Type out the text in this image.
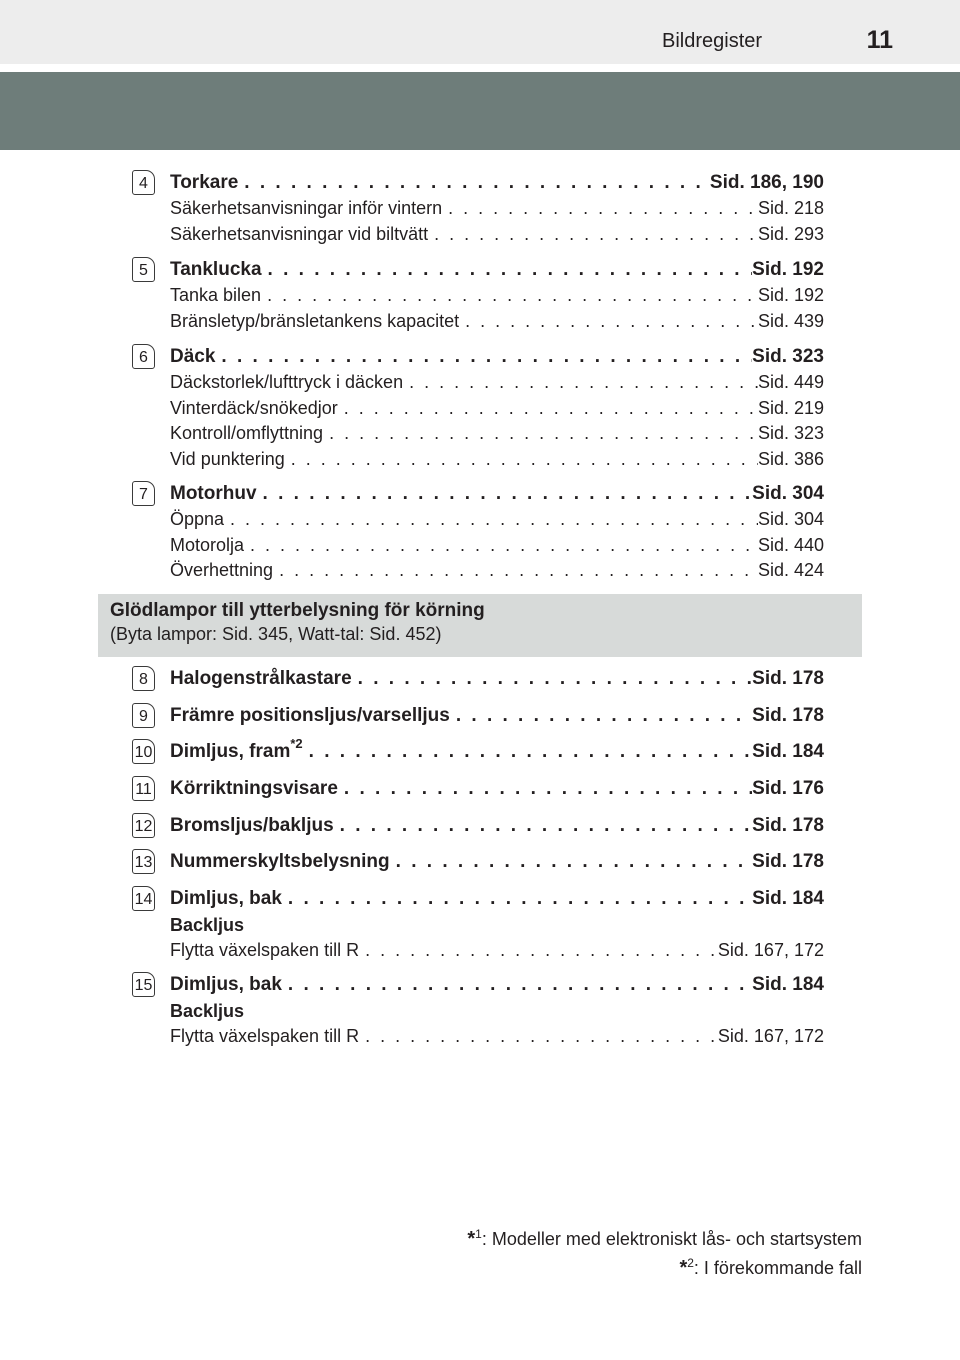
Bildregister	11
4	Torkare . . .	Sid. 186, 190
Säkerhetsanvisningar inför vintern . . .	Sid. 218
Säkerhetsanvisningar vid biltvätt . . .	Sid. 293
5	Tanklucka . . .	Sid. 192
Tanka bilen . . .	Sid. 192
Bränsletyp/bränsletankens kapacitet . . .	Sid. 439
6	Däck . . .	Sid. 323
Däckstorlek/lufttryck i däcken . . .	Sid. 449
Vinterdäck/snökedjor . . .	Sid. 219
Kontroll/omflyttning . . .	Sid. 323
Vid punktering . . .	Sid. 386
7	Motorhuv . . .	Sid. 304
Öppna . . .	Sid. 304
Motorolja . . .	Sid. 440
Överhettning . . .	Sid. 424
Glödlampor till ytterbelysning för körning
(Byta lampor: Sid. 345, Watt-tal: Sid. 452)
8	Halogenstrålkastare . . .	Sid. 178
9	Främre positionsljus/varselljus . . .	Sid. 178
10 Dimljus, fram$^{*2}$ . . .	Sid. 184
11 Körriktningsvisare . . .	Sid. 176
12 Bromsljus/bakljus . . .	Sid. 178
13 Nummerskyltsbelysning . . .	Sid. 178
14 Dimljus, bak . . .	Sid. 184
Backljus
Flytta växelspaken till R . . .	Sid. 167, 172
15 Dimljus, bak . . .	Sid. 184
Backljus
Flytta växelspaken till R . . .	Sid. 167, 172
*$^1$: Modeller med elektroniskt lås- och startsystem
*$^2$: I förekommande fall
